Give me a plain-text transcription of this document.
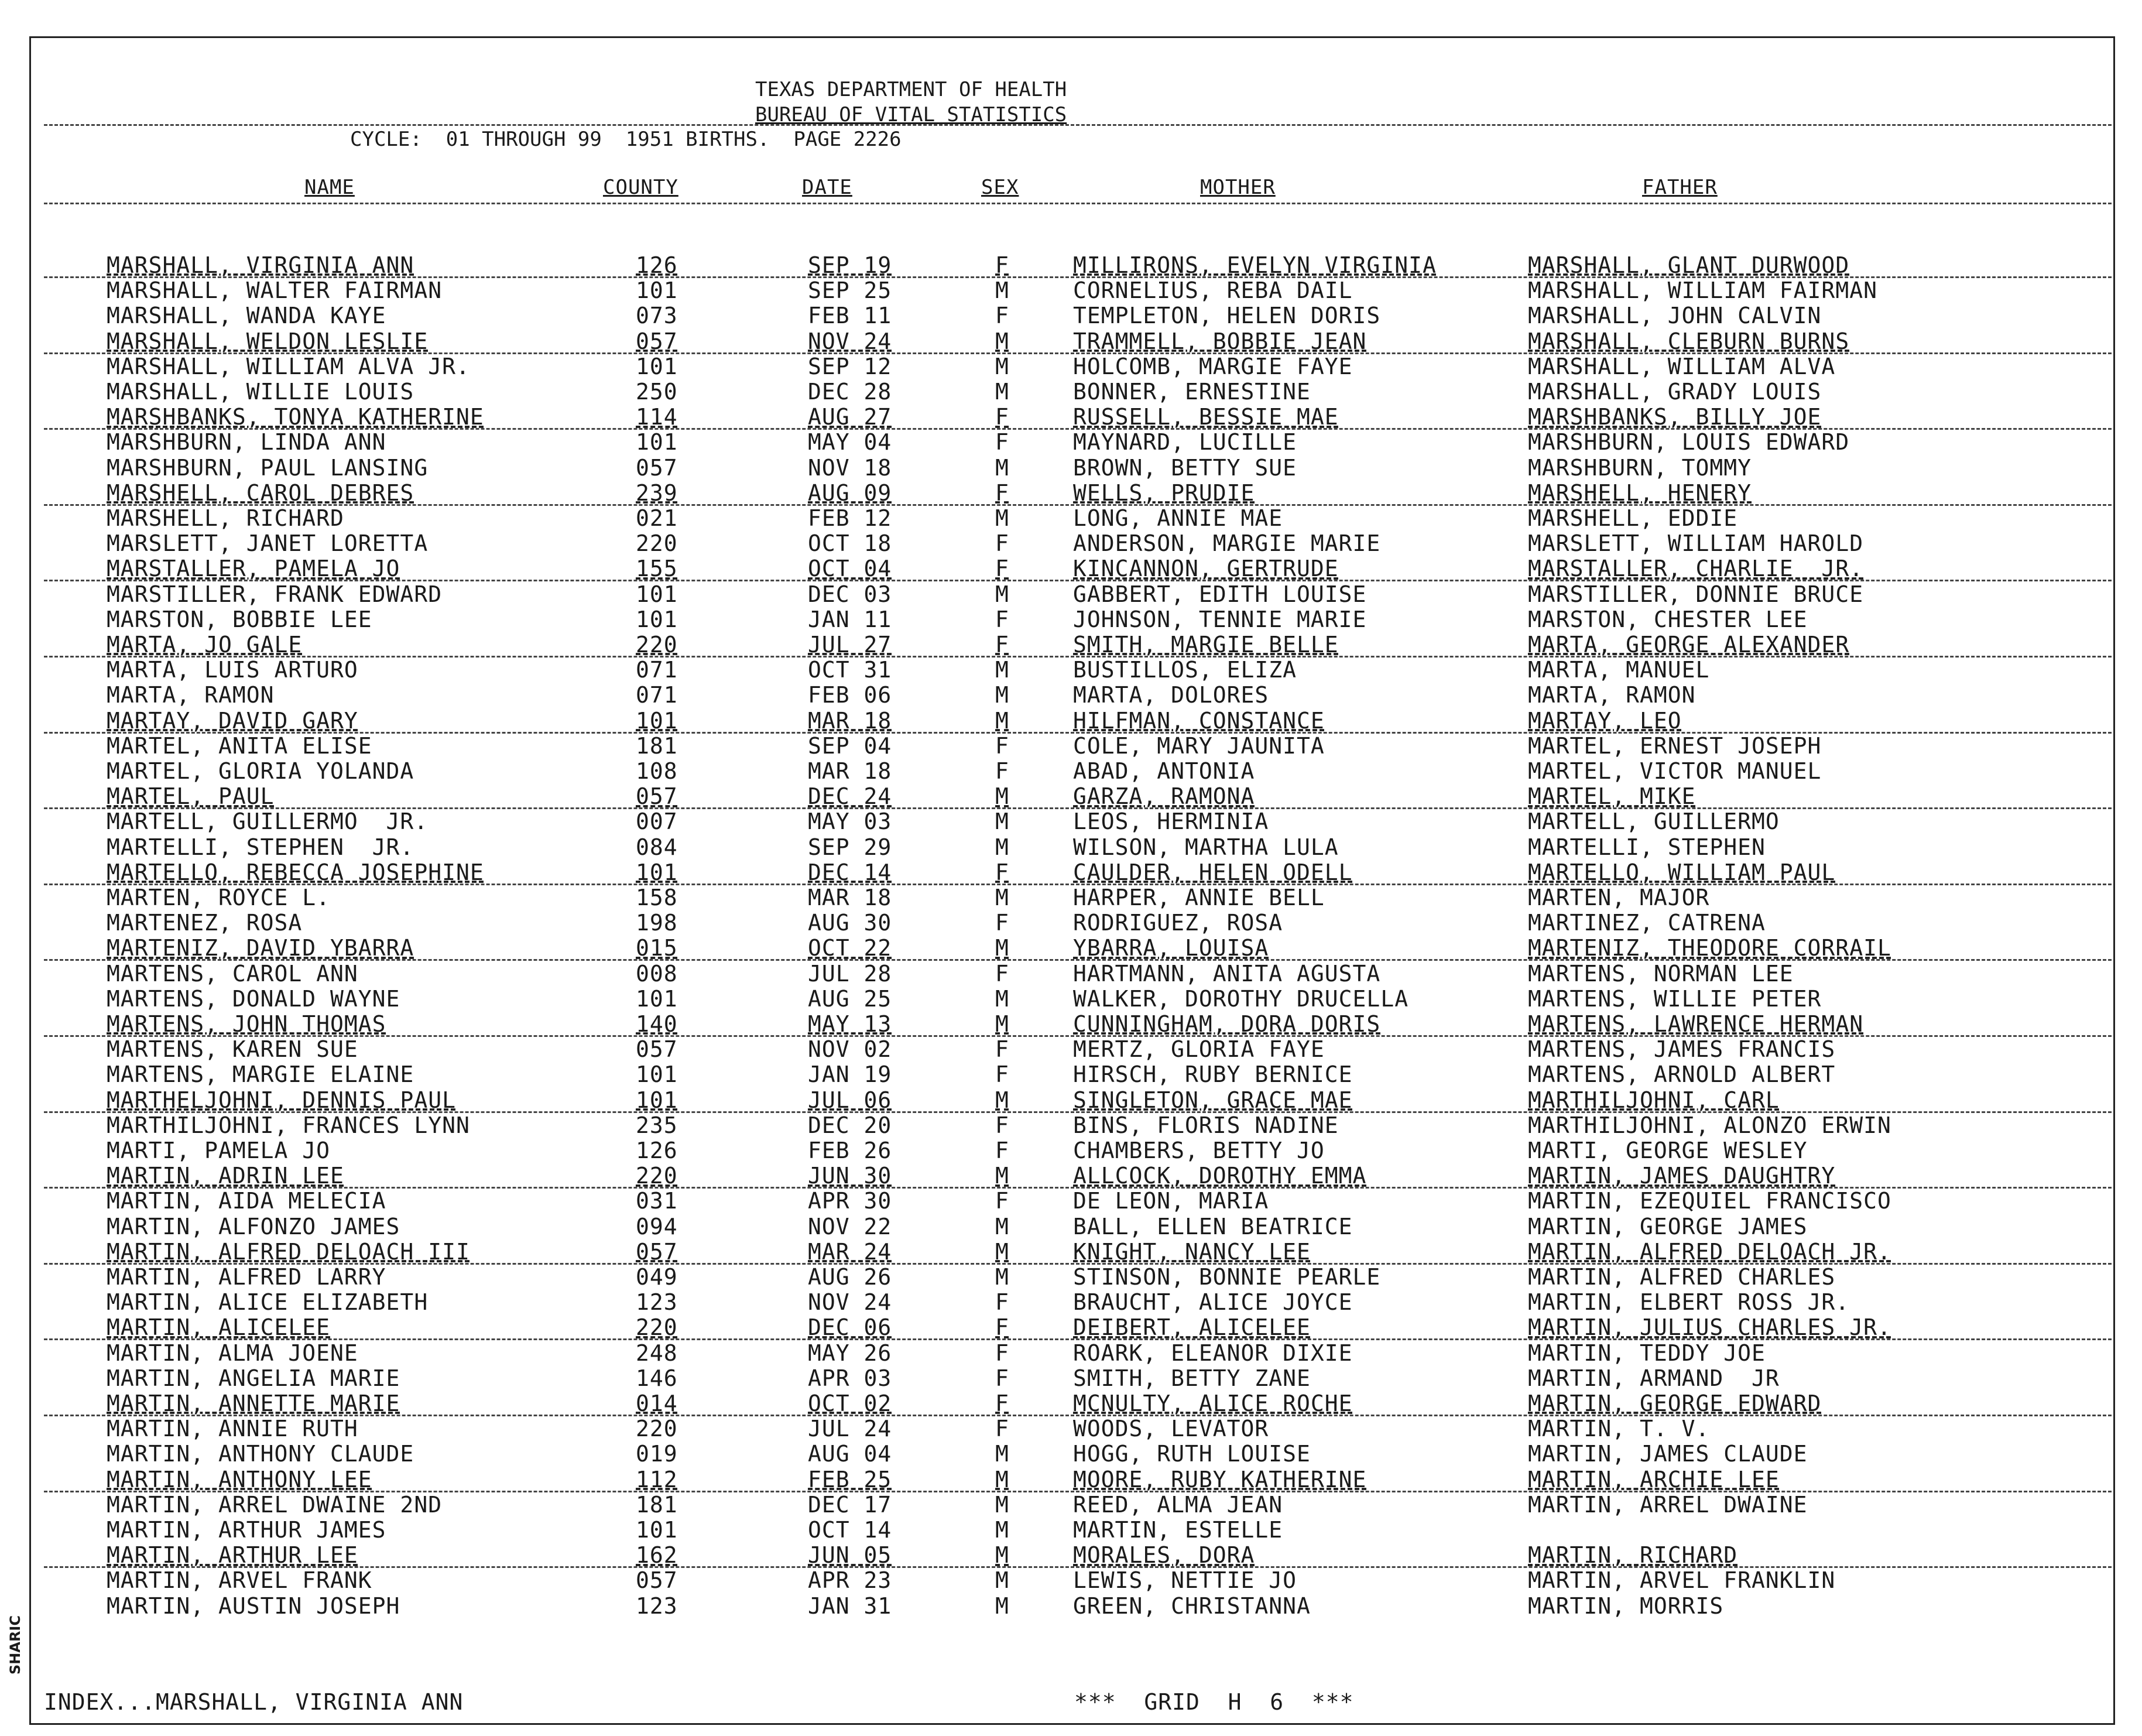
SHARIC
TEXAS DEPARTMENT OF HEALTH
BUREAU OF VITAL STATISTICS
CYCLE:  01 THROUGH 99  1951 BIRTHS.  PAGE 2226
NAME	COUNTY	DATE	SEX	MOTHER	FATHER
MARSHALL, VIRGINIA ANN	126	SEP 19	F	MILLIRONS, EVELYN VIRGINIA	MARSHALL, GLANT DURWOOD
MARSHALL, WALTER FAIRMAN	101	SEP 25	M	CORNELIUS, REBA DAIL	MARSHALL, WILLIAM FAIRMAN
MARSHALL, WANDA KAYE	073	FEB 11	F	TEMPLETON, HELEN DORIS	MARSHALL, JOHN CALVIN
MARSHALL, WELDON LESLIE	057	NOV 24	M	TRAMMELL, BOBBIE JEAN	MARSHALL, CLEBURN BURNS
MARSHALL, WILLIAM ALVA JR.	101	SEP 12	M	HOLCOMB, MARGIE FAYE	MARSHALL, WILLIAM ALVA
MARSHALL, WILLIE LOUIS	250	DEC 28	M	BONNER, ERNESTINE	MARSHALL, GRADY LOUIS
MARSHBANKS, TONYA KATHERINE	114	AUG 27	F	RUSSELL, BESSIE MAE	MARSHBANKS, BILLY JOE
MARSHBURN, LINDA ANN	101	MAY 04	F	MAYNARD, LUCILLE	MARSHBURN, LOUIS EDWARD
MARSHBURN, PAUL LANSING	057	NOV 18	M	BROWN, BETTY SUE	MARSHBURN, TOMMY
MARSHELL, CAROL DEBRES	239	AUG 09	F	WELLS, PRUDIE	MARSHELL, HENERY
MARSHELL, RICHARD	021	FEB 12	M	LONG, ANNIE MAE	MARSHELL, EDDIE
MARSLETT, JANET LORETTA	220	OCT 18	F	ANDERSON, MARGIE MARIE	MARSLETT, WILLIAM HAROLD
MARSTALLER, PAMELA JO	155	OCT 04	F	KINCANNON, GERTRUDE	MARSTALLER, CHARLIE  JR.
MARSTILLER, FRANK EDWARD	101	DEC 03	M	GABBERT, EDITH LOUISE	MARSTILLER, DONNIE BRUCE
MARSTON, BOBBIE LEE	101	JAN 11	F	JOHNSON, TENNIE MARIE	MARSTON, CHESTER LEE
MARTA, JO GALE	220	JUL 27	F	SMITH, MARGIE BELLE	MARTA, GEORGE ALEXANDER
MARTA, LUIS ARTURO	071	OCT 31	M	BUSTILLOS, ELIZA	MARTA, MANUEL
MARTA, RAMON	071	FEB 06	M	MARTA, DOLORES	MARTA, RAMON
MARTAY, DAVID GARY	101	MAR 18	M	HILFMAN, CONSTANCE	MARTAY, LEO
MARTEL, ANITA ELISE	181	SEP 04	F	COLE, MARY JAUNITA	MARTEL, ERNEST JOSEPH
MARTEL, GLORIA YOLANDA	108	MAR 18	F	ABAD, ANTONIA	MARTEL, VICTOR MANUEL
MARTEL, PAUL	057	DEC 24	M	GARZA, RAMONA	MARTEL, MIKE
MARTELL, GUILLERMO  JR.	007	MAY 03	M	LEOS, HERMINIA	MARTELL, GUILLERMO
MARTELLI, STEPHEN  JR.	084	SEP 29	M	WILSON, MARTHA LULA	MARTELLI, STEPHEN
MARTELLO, REBECCA JOSEPHINE	101	DEC 14	F	CAULDER, HELEN ODELL	MARTELLO, WILLIAM PAUL
MARTEN, ROYCE L.	158	MAR 18	M	HARPER, ANNIE BELL	MARTEN, MAJOR
MARTENEZ, ROSA	198	AUG 30	F	RODRIGUEZ, ROSA	MARTINEZ, CATRENA
MARTENIZ, DAVID YBARRA	015	OCT 22	M	YBARRA, LOUISA	MARTENIZ, THEODORE CORRAIL
MARTENS, CAROL ANN	008	JUL 28	F	HARTMANN, ANITA AGUSTA	MARTENS, NORMAN LEE
MARTENS, DONALD WAYNE	101	AUG 25	M	WALKER, DOROTHY DRUCELLA	MARTENS, WILLIE PETER
MARTENS, JOHN THOMAS	140	MAY 13	M	CUNNINGHAM, DORA DORIS	MARTENS, LAWRENCE HERMAN
MARTENS, KAREN SUE	057	NOV 02	F	MERTZ, GLORIA FAYE	MARTENS, JAMES FRANCIS
MARTENS, MARGIE ELAINE	101	JAN 19	F	HIRSCH, RUBY BERNICE	MARTENS, ARNOLD ALBERT
MARTHELJOHNI, DENNIS PAUL	101	JUL 06	M	SINGLETON, GRACE MAE	MARTHILJOHNI, CARL
MARTHILJOHNI, FRANCES LYNN	235	DEC 20	F	BINS, FLORIS NADINE	MARTHILJOHNI, ALONZO ERWIN
MARTI, PAMELA JO	126	FEB 26	F	CHAMBERS, BETTY JO	MARTI, GEORGE WESLEY
MARTIN, ADRIN LEE	220	JUN 30	M	ALLCOCK, DOROTHY EMMA	MARTIN, JAMES DAUGHTRY
MARTIN, AIDA MELECIA	031	APR 30	F	DE LEON, MARIA	MARTIN, EZEQUIEL FRANCISCO
MARTIN, ALFONZO JAMES	094	NOV 22	M	BALL, ELLEN BEATRICE	MARTIN, GEORGE JAMES
MARTIN, ALFRED DELOACH III	057	MAR 24	M	KNIGHT, NANCY LEE	MARTIN, ALFRED DELOACH JR.
MARTIN, ALFRED LARRY	049	AUG 26	M	STINSON, BONNIE PEARLE	MARTIN, ALFRED CHARLES
MARTIN, ALICE ELIZABETH	123	NOV 24	F	BRAUCHT, ALICE JOYCE	MARTIN, ELBERT ROSS JR.
MARTIN, ALICELEE	220	DEC 06	F	DEIBERT, ALICELEE	MARTIN, JULIUS CHARLES JR.
MARTIN, ALMA JOENE	248	MAY 26	F	ROARK, ELEANOR DIXIE	MARTIN, TEDDY JOE
MARTIN, ANGELIA MARIE	146	APR 03	F	SMITH, BETTY ZANE	MARTIN, ARMAND  JR
MARTIN, ANNETTE MARIE	014	OCT 02	F	MCNULTY, ALICE ROCHE	MARTIN, GEORGE EDWARD
MARTIN, ANNIE RUTH	220	JUL 24	F	WOODS, LEVATOR	MARTIN, T. V.
MARTIN, ANTHONY CLAUDE	019	AUG 04	M	HOGG, RUTH LOUISE	MARTIN, JAMES CLAUDE
MARTIN, ANTHONY LEE	112	FEB 25	M	MOORE, RUBY KATHERINE	MARTIN, ARCHIE LEE
MARTIN, ARREL DWAINE 2ND	181	DEC 17	M	REED, ALMA JEAN	MARTIN, ARREL DWAINE
MARTIN, ARTHUR JAMES	101	OCT 14	M	MARTIN, ESTELLE
MARTIN, ARTHUR LEE	162	JUN 05	M	MORALES, DORA	MARTIN, RICHARD
MARTIN, ARVEL FRANK	057	APR 23	M	LEWIS, NETTIE JO	MARTIN, ARVEL FRANKLIN
MARTIN, AUSTIN JOSEPH	123	JAN 31	M	GREEN, CHRISTANNA	MARTIN, MORRIS
INDEX...MARSHALL, VIRGINIA ANN	***  GRID  H  6  ***
